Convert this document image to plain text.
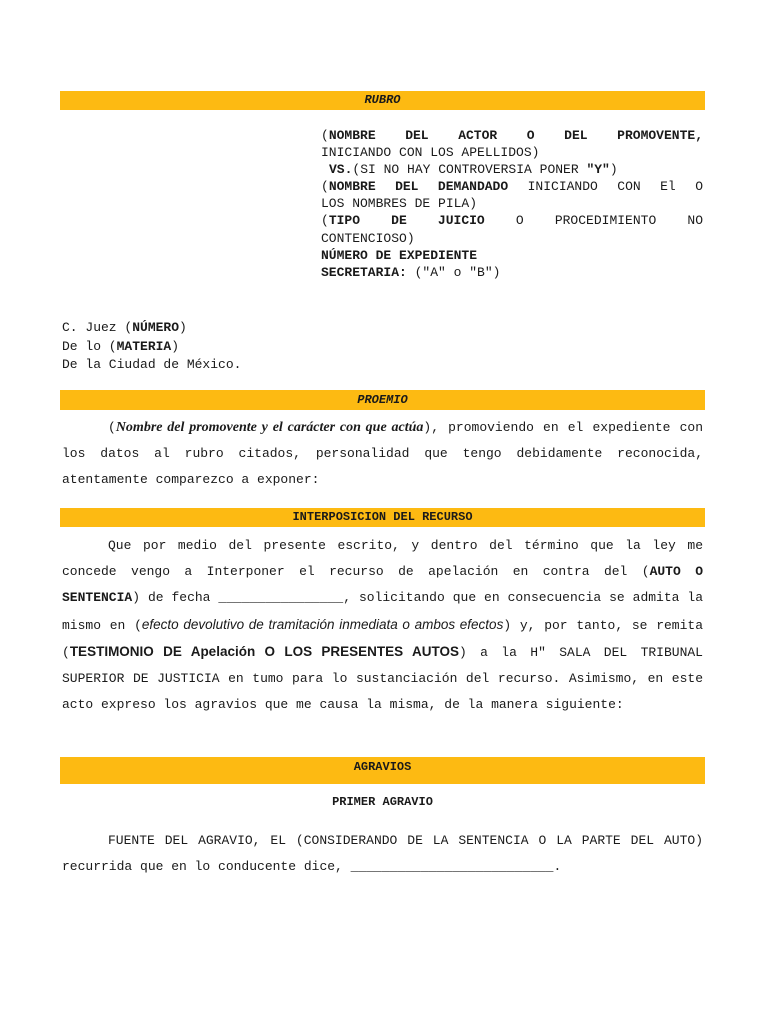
RUBRO

(NOMBRE DEL ACTOR O DEL PROMOVENTE,

INICIANDO CON LOS APELLIDOS)

VS.(SI NO HAY CONTROVERSIA PONER "Y")

(NOMBRE DEL DEMANDADO INICIANDO CON El O

LOS NOMBRES DE PILA)

(TIPO DE JUICIO O PROCEDIMIENTO NO

CONTENCIOSO)

NÚMERO DE EXPEDIENTE

SECRETARIA: ("A" o "B")

C. Juez (NÚMERO)

De lo (MATERIA)

De la Ciudad de México.

PROEMIO

(Nombre del promovente y el carácter con que actúa), promoviendo en el expediente con los datos al rubro citados, personalidad que tengo debidamente reconocida, atentamente comparezco a exponer:

INTERPOSICION DEL RECURSO

Que por medio del presente escrito, y dentro del término que la ley me concede vengo a Interponer el recurso de apelación en contra del (AUTO O SENTENCIA) de fecha ________________, solicitando que en consecuencia se admita la mismo en (efecto devolutivo de tramitación inmediata o ambos efectos) y, por tanto, se remita (TESTIMONIO DE Apelación O LOS PRESENTES AUTOS) a la H" SALA DEL TRIBUNAL SUPERIOR DE JUSTICIA en tumo para lo sustanciación del recurso. Asimismo, en este acto expreso los agravios que me causa la misma, de la manera siguiente:

AGRAVIOS
PRIMER AGRAVIO

FUENTE DEL AGRAVIO, EL (CONSIDERANDO DE LA SENTENCIA O LA PARTE DEL AUTO) recurrida que en lo conducente dice, __________________________.
